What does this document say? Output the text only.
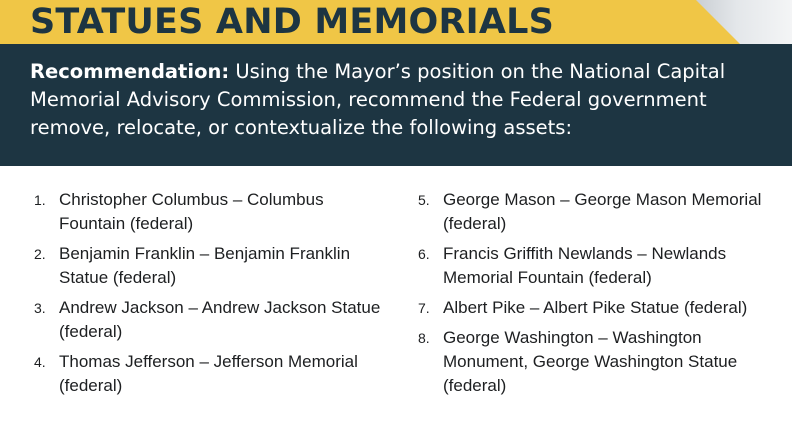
STATUES AND MEMORIALS

Recommendation: Using the Mayor’s position on the National Capital Memorial Advisory Commission, recommend the Federal government remove, relocate, or contextualize the following assets:

1. Christopher Columbus – Columbus Fountain (federal)
2. Benjamin Franklin – Benjamin Franklin Statue (federal)
3. Andrew Jackson – Andrew Jackson Statue (federal)
4. Thomas Jefferson – Jefferson Memorial (federal)
5. George Mason – George Mason Memorial (federal)
6. Francis Griffith Newlands – Newlands Memorial Fountain (federal)
7. Albert Pike – Albert Pike Statue (federal)
8. George Washington – Washington Monument, George Washington Statue (federal)
